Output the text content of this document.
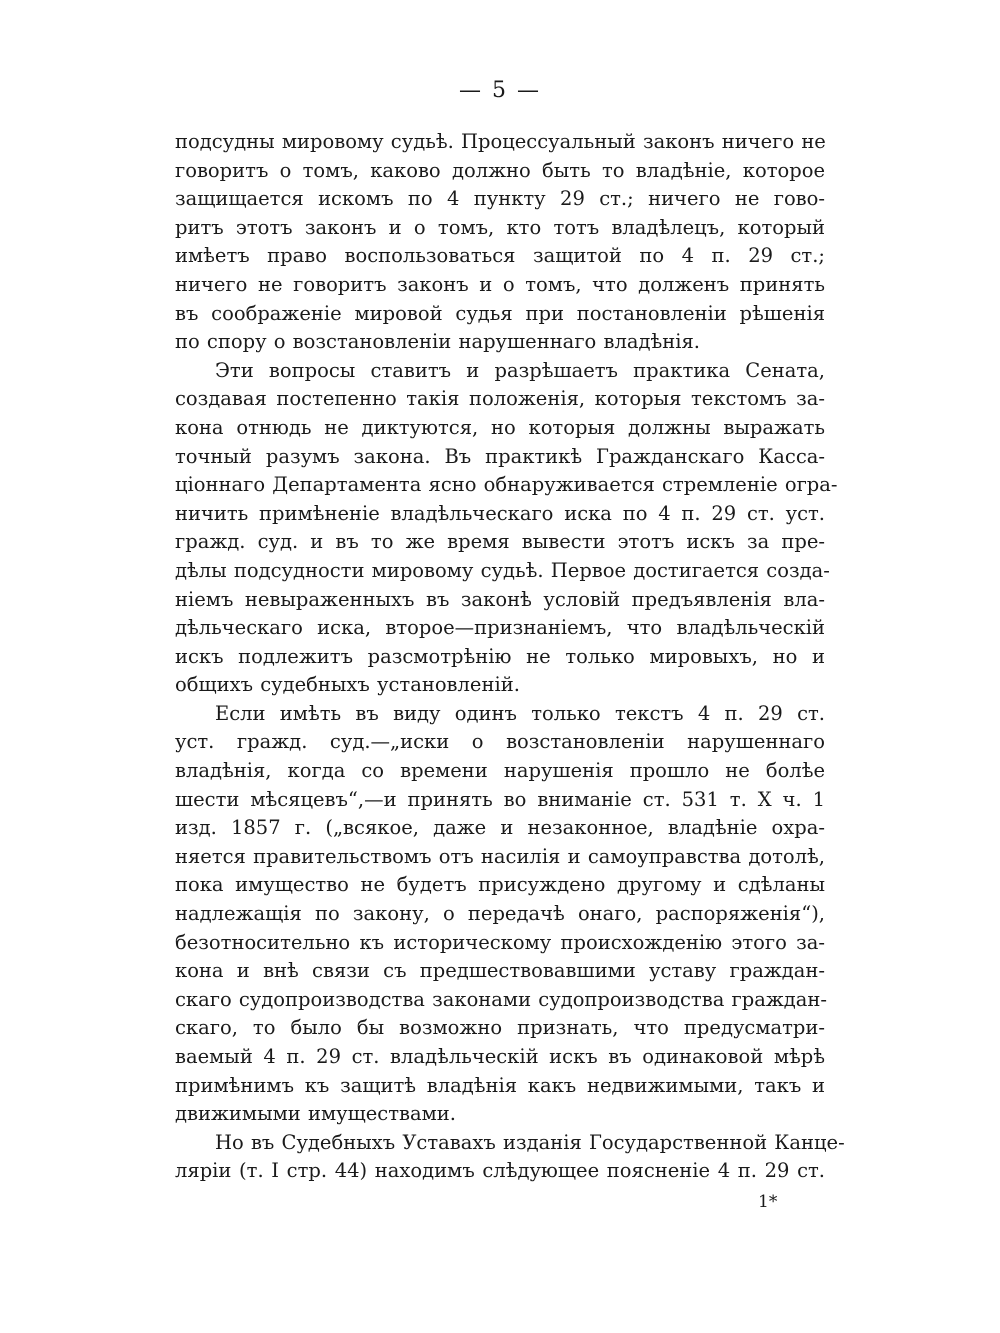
— 5 —
подсудны мировому судьѣ. Процессуальный законъ ничего не
говоритъ о томъ, каково должно быть то владѣніе, которое
защищается искомъ по 4 пункту 29 ст.; ничего не гово-
ритъ этотъ законъ и о томъ, кто тотъ владѣлецъ, который
имѣетъ право воспользоваться защитой по 4 п. 29 ст.;
ничего не говоритъ законъ и о томъ, что долженъ принять
въ соображеніе мировой судья при постановленіи рѣшенія
по спору о возстановленіи нарушеннаго владѣнія.
Эти вопросы ставитъ и разрѣшаетъ практика Сената,
создавая постепенно такія положенія, которыя текстомъ за-
кона отнюдь не диктуются, но которыя должны выражать
точный разумъ закона. Въ практикѣ Гражданскаго Касса-
ціоннаго Департамента ясно обнаруживается стремленіе огра-
ничить примѣненіе владѣльческаго иска по 4 п. 29 ст. уст.
гражд. суд. и въ то же время вывести этотъ искъ за пре-
дѣлы подсудности мировому судьѣ. Первое достигается созда-
ніемъ невыраженныхъ въ законѣ условій предъявленія вла-
дѣльческаго иска, второе—признаніемъ, что владѣльческій
искъ подлежитъ разсмотрѣнію не только мировыхъ, но и
общихъ судебныхъ установленій.
Если имѣть въ виду одинъ только текстъ 4 п. 29 ст.
уст. гражд. суд.—„иски о возстановленіи нарушеннаго
владѣнія, когда со времени нарушенія прошло не болѣе
шести мѣсяцевъ“,—и принять во вниманіе ст. 531 т. X ч. 1
изд. 1857 г. („всякое, даже и незаконное, владѣніе охра-
няется правительствомъ отъ насилія и самоуправства дотолѣ,
пока имущество не будетъ присуждено другому и сдѣланы
надлежащія по закону, о передачѣ онаго, распоряженія“),
безотносительно къ историческому происхожденію этого за-
кона и внѣ связи съ предшествовавшими уставу граждан-
скаго судопроизводства законами судопроизводства граждан-
скаго, то было бы возможно признать, что предусматри-
ваемый 4 п. 29 ст. владѣльческій искъ въ одинаковой мѣрѣ
примѣнимъ къ защитѣ владѣнія какъ недвижимыми, такъ и
движимыми имуществами.
Но въ Судебныхъ Уставахъ изданія Государственной Канце-
ляріи (т. I стр. 44) находимъ слѣдующее поясненіе 4 п. 29 ст.
1*
